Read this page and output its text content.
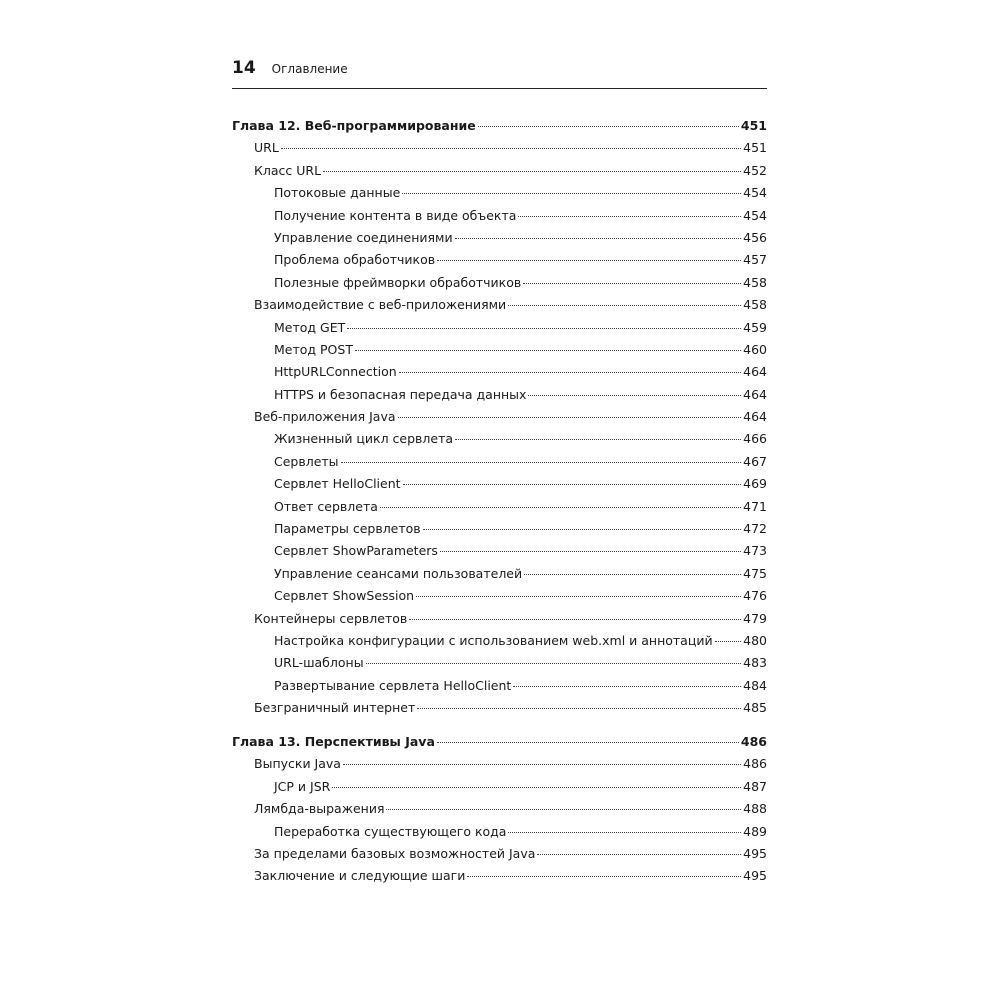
14 Оглавление
Глава 12. Веб-программирование	451
URL	451
Класс URL	452
Потоковые данные	454
Получение контента в виде объекта	454
Управление соединениями	456
Проблема обработчиков	457
Полезные фреймворки обработчиков	458
Взаимодействие с веб-приложениями	458
Метод GET	459
Метод POST	460
HttpURLConnection	464
HTTPS и безопасная передача данных	464
Веб-приложения Java	464
Жизненный цикл сервлета	466
Сервлеты	467
Сервлет HelloClient	469
Ответ сервлета	471
Параметры сервлетов	472
Сервлет ShowParameters	473
Управление сеансами пользователей	475
Сервлет ShowSession	476
Контейнеры сервлетов	479
Настройка конфигурации с использованием web.xml и аннотаций 480
URL-шаблоны	483
Развертывание сервлета HelloClient	484
Безграничный интернет	485
Глава 13. Перспективы Java	486
Выпуски Java	486
JCP и JSR	487
Лямбда-выражения	488
Переработка существующего кода	489
За пределами базовых возможностей Java	495
Заключение и следующие шаги	495
